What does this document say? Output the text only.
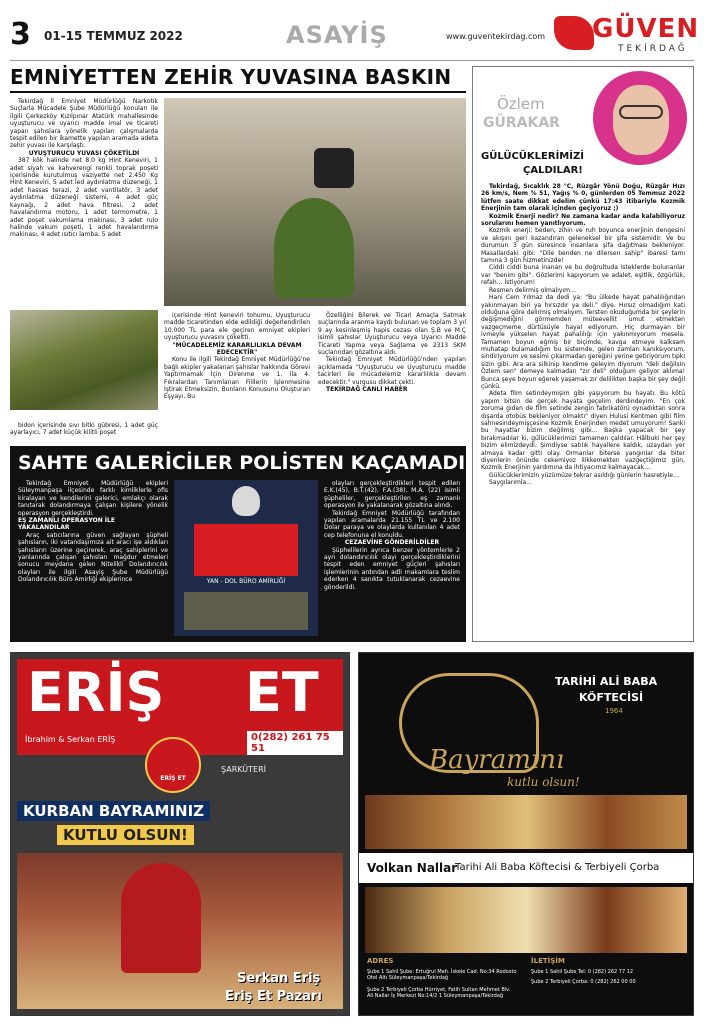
3 01-15 TEMMUZ 2022	ASAYİŞ	www.guventekirdag.com GÜVEN
TEKİRDAĞ
EMNİYETTEN ZEHİR YUVASINA BASKIN

Tekirdağ İl Emniyet Müdürlüğü Narkotik Suçlarla Mücadele Şube Müdürlüğü konuları ile ilgili Çerkezköy Kızılpınar Atatürk mahallesinde uyuşturucu ve uyarıcı madde imal ve ticareti yapan şahıslara yönelik yapılan çalışmalarda tespit edilen bir ikamette yapılan aramada adeta zehir yuvası ile karşılaştı.

UYUŞTURUCU YUVASI ÇÖKETİLDİ

387 kök halinde net 8.0 kg Hint Keneviri, 1 adet siyah ve kahverengi renkli toprak poşeti içerisinde kurutulmuş vaziyette net 2.450 Kg Hint Keneviri, 5 adet led aydınlatma düzeneği, 1 adet hassas terazi, 2 adet vantilatör, 3 adet aydınlatma düzeneği sistemi, 4 adet güç kaynağı, 2 adet hava filtresi, 2 adet havalandırma motoru, 1 adet termometre, 1 adet poşet vakumlama makinası, 3 adet rulo halinde vakum poşeti, 1 adet havalandırma makinası, 4 adet ısıtıcı lamba, 5 adet

bidon içerisinde sıvı bitki gübresi, 1 adet güç ayarlayıcı, 7 adet küçük kilitli poşet

içerisinde Hint keneviri tohumu, Uyuşturucu madde ticaretinden elde edildiği değerlendirilen 10.000 TL para ele geçiren emniyet ekipleri uyuşturucu yuvasını çökeltti.

"MÜCADELEMİZ KARARLILIKLA DEVAM EDECEKTİR"

Konu ile ilgili Tekirdağ Emniyet Müdürlüğü'ne bağlı ekipler yakalanan şahıslar hakkında Görevi Yaptırmamak İçin Direnme ve 1. ila 4. Fıkralardan Tanımlanan Fiillerin İşlenmesine İştirak Etmeksizin, Bunların Konusunu Oluşturan Eşyayı, Bu

Özelliğini Bilerek ve Ticari Amaçla Satmak suçlarında aranma kaydı bulunan ve toplam 3 yıl 9 ay kesinleşmiş hapis cezası olan Ş.B ve M.Ç isimli şahıslar Uyuşturucu veya Uyarıcı Madde Ticareti Yapma veya Sağlama ve 2313 SKM suçlarından gözaltına aldı.

Tekirdağ Emniyet Müdürlüğü'nden yapılan açıklamada "Uyuşturucu ve Uyuşturucu madde tacirleri ile mücadelemiz kararlılıkla devam edecektir." vurgusu dikkat çekti.

TEKİRDAĞ CANLI HABER

SAHTE GALERİCİLER POLİSTEN KAÇAMADI

Tekirdağ Emniyet Müdürlüğü ekipleri Süleymanpaşa ilçesinde farklı kimliklerle ofis kiralayan ve kendilerini galerici, emlakçı olarak tanıtarak dolandırmaya çalışan kişilere yönelik operasyon gerçekleştirdi.

EŞ ZAMANLI OPERASYON İLE YAKALANDILAR

Araç satıcılarına güven sağlayan şüpheli şahısların, iki vatandaşımıza ait aracı işe aldıkları şahısların üzerine geçirerek, araç sahiplerini ve yanlarında çalışan şahısları mağdur etmeleri sonucu meydana gelen Nitelikli Dolandırıcılık olayları ile ilgili Asayiş Şube Müdürlüğü Dolandırıcılık Büro Amirliği ekiplerince	YAN - DOL BÜRO AMİRLİĞİ

olayları gerçekleştirdikleri tespit edilen E.K.(45), B.T.(42), F.A.(38), M.A. (22) isimli şüpheliler, gerçekleştirilen eş zamanlı operasyon ile yakalanarak gözaltına alındı.

Tekirdağ Emniyet Müdürlüğü tarafından yapılan aramalarda 21.155 TL ve 2.100 Dolar paraya ve olaylarda kullanılan 4 adet cep telefonuna el konuldu.

CEZAEVİNE GÖNDERİLDİLER

Şüphelilerin ayrıca benzer yöntemlerle 2 ayrı dolandırıcılık olayı gerçekleştirdiklerini tespit eden emniyet güçleri şahısları işlemlerinin ardından adli makamlara teslim ederken 4 sanıkta tutuklanarak cezaevine gönderildi.

Özlem
GÜRAKAR
GÜLÜCÜKLERİMİZİ
ÇALDILAR!

Tekirdağ, Sıcaklık 28 °C, Rüzgâr Yönü Doğu, Rüzgâr Hızı 26 km/s, Nem % 51, Yağış % 0, günlerden 05 Temmuz 2022 lütfen saate dikkat edelim çünkü 17:43 itibariyle Kozmik Enerjinin tam olarak içinden geçiyoruz ;)

Kozmik Enerji nedir? Ne zamana kadar anda kalabiliyoruz sorularını hemen yanıtlıyorum.

Kozmik enerji; beden, zihin ve ruh boyunca enerjinin dengesini ve akışını geri kazandıran geleneksel bir şifa sistemidir. Ve bu durumun 3 gün süresince insanlara şifa dağıtması bekleniyor. Masallardaki gibi: "Dile benden ne dilersen sahip" ibaresi tamı tamına 3 gün hizmetinizde!

Ciddi ciddi buna inanan ve bu doğrultuda isteklerde bulunanlar var "benim gibi". Gözlerimi kapıyorum ve adalet, eşitlik, özgürlük, refah… İstiyorum!

Resmen delirmiş olmalıyım…

Hani Cem Yılmaz da dedi ya: "Bu ülkede hayat pahalılığından yakınmayan biri ya hırsızdır ya deli." diye. Hırsız olmadığım kati olduğuna göre delirmiş olmalıyım. Tersten okuduğumda bir şeylerin değişmediğini görmemden müteevellit umut etmekten vazgeçmeme dürtüsüyle hayal ediyorum. Hiç durmayan bir ivmeyle yükselen hayat pahalılığı için yakınmıyorum mesela. Tamamen boyun eğmiş bir biçimde, kavga etmeye kalksam muhatap bulamadığım bu sistemde, gelen zamları kanıksıyorum, sindiriyorum ve sesimi çıkarmadan gereğini yerine getiriyorum tıpkı sizin gibi. Ara ara silkinip kendime geleyim diyorum "deli değilsin Özlem sen" demeye kalmadan "zır deli" olduğum geliyor aklıma! Bunca şeye boyun eğerek yaşamak zır delilikten başka bir şey değil çünkü.

Adeta film setindeymişim gibi yaşıyorum bu hayatı. Bu kötü yapım bitsin de gerçek hayata geçelim derdindeyim. "En çok zoruma giden de film setinde zengin fabrikatörü oynadıktan sonra dışarda otobüs bekleniyor olmaktı" diyen Hulusi Kentmen gibi film sahnesindeymişçesine Kozmik Enerjinden medet umuyorum! Sanki bu hayatlar bizim değilmiş gibi… Başka yapacak bir şey bırakmadılar ki, gülücüklerimizi tamamen çaldılar. Hâlbuki her şey bizim elimizdeydi. Şimdiyse satılık hayallere kaldık, uzaydan yer almaya kadar gitti olay. Ormanlar biterse yangınlar da biter diyenlerin önünde cekemiyoz ilikkemekten vazgeçtiğimiz gün, Kozmik Enerjinin yardımına da ihtiyacımız kalmayacak…

Gülücüklerimizin yüzümüze tekrar asıldığı günlerin hasretiyle…

Saygılarımla…

ERİŞ ET
İbrahim & Serkan ERİŞ	0(282) 261 75 51
ERİŞ ET
ŞARKÜTERİ
KURBAN BAYRAMINIZ
KUTLU OLSUN!
Serkan Eriş
Eriş Et Pazarı
TARİHİ ALİ BABA
KÖFTECİSİ
1964
Bayramını
kutlu olsun!
Volkan Nallar
Tarihi Ali Baba Köftecisi & Terbiyeli Çorba
ADRES
Şube 1 Sahil Şube: Ertuğrul Mah. İskele Cad. No:34 Rodosto Otel Altı Süleymanpaşa/Tekirdağ
Şube 2 Terbiyeli Çorba Hürriyet, Fatih Sultan Mehmet Blv. Ali Nallar İş Merkezi No:14/2 1 Süleymanpaşa/Tekirdağ
İLETİŞİM
Şube 1 Sahil Şube Tel: 0 (282) 262 77 12
Şube 2 Terbiyeli Çorba: 0 (282) 262 00 00
